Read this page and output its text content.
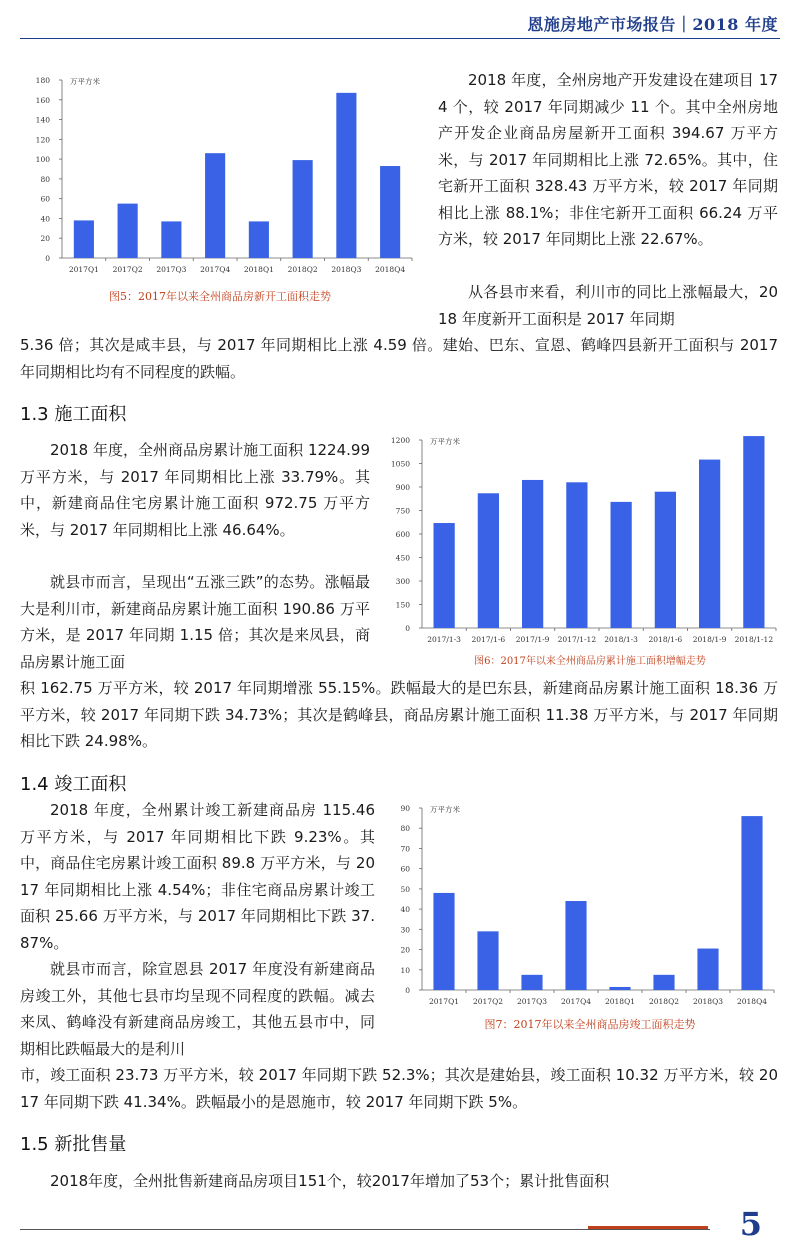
恩施房地产市场报告｜2018 年度
0
20
40
60
80
100
120
140
160
180	万平方米
2017Q1 2017Q2 2017Q3 2017Q4 2018Q1 2018Q2 2018Q3 2018Q4

图5：2017年以来全州商品房新开工面积走势

2018 年度，全州房地产开发建设在建项目 174 个，较 2017 年同期减少 11 个。其中全州房地产开发企业商品房屋新开工面积 394.67 万平方米，与 2017 年同期相比上涨 72.65%。其中，住宅新开工面积 328.43 万平方米，较 2017 年同期相比上涨 88.1%；非住宅新开工面积 66.24 万平方米，较 2017 年同期比上涨 22.67%。

从各县市来看，利川市的同比上涨幅最大，2018 年度新开工面积是 2017 年同期

5.36 倍；其次是咸丰县，与 2017 年同期相比上涨 4.59 倍。建始、巴东、宣恩、鹤峰四县新开工面积与 2017 年同期相比均有不同程度的跌幅。

1.3 施工面积

2018 年度，全州商品房累计施工面积 1224.99 万平方米，与 2017 年同期相比上涨 33.79%。其中，新建商品住宅房累计施工面积 972.75 万平方米，与 2017 年同期相比上涨 46.64%。

就县市而言，呈现出“五涨三跌”的态势。涨幅最大是利川市，新建商品房累计施工面积 190.86 万平方米，是 2017 年同期 1.15 倍；其次是来凤县，商品房累计施工面

积 162.75 万平方米，较 2017 年同期增涨 55.15%。跌幅最大的是巴东县，新建商品房累计施工面积 18.36 万平方米，较 2017 年同期下跌 34.73%；其次是鹤峰县，商品房累计施工面积 11.38 万平方米，与 2017 年同期相比下跌 24.98%。

0
150
300
450
600
750
900
1050
1200	万平方米
2017/1-3 2017/1-6 2017/1-9 2017/1-12 2018/1-3 2018/1-6 2018/1-9 2018/1-12

图6：2017年以来全州商品房累计施工面积增幅走势

1.4 竣工面积

2018 年度，全州累计竣工新建商品房 115.46 万平方米，与 2017 年同期相比下跌 9.23%。其中，商品住宅房累计竣工面积 89.8 万平方米，与 2017 年同期相比上涨 4.54%；非住宅商品房累计竣工面积 25.66 万平方米，与 2017 年同期相比下跌 37.87%。

就县市而言，除宣恩县 2017 年度没有新建商品房竣工外，其他七县市均呈现不同程度的跌幅。减去来凤、鹤峰没有新建商品房竣工，其他五县市中，同期相比跌幅最大的是利川

市，竣工面积 23.73 万平方米，较 2017 年同期下跌 52.3%；其次是建始县，竣工面积 10.32 万平方米，较 2017 年同期下跌 41.34%。跌幅最小的是恩施市，较 2017 年同期下跌 5%。

0
10
20
30
40
50
60
70
80
90	万平方米
2017Q1 2017Q2 2017Q3 2017Q4 2018Q1 2018Q2 2018Q3 2018Q4

图7：2017年以来全州商品房竣工面积走势

1.5 新批售量

2018年度，全州批售新建商品房项目151个，较2017年增加了53个；累计批售面积

5
